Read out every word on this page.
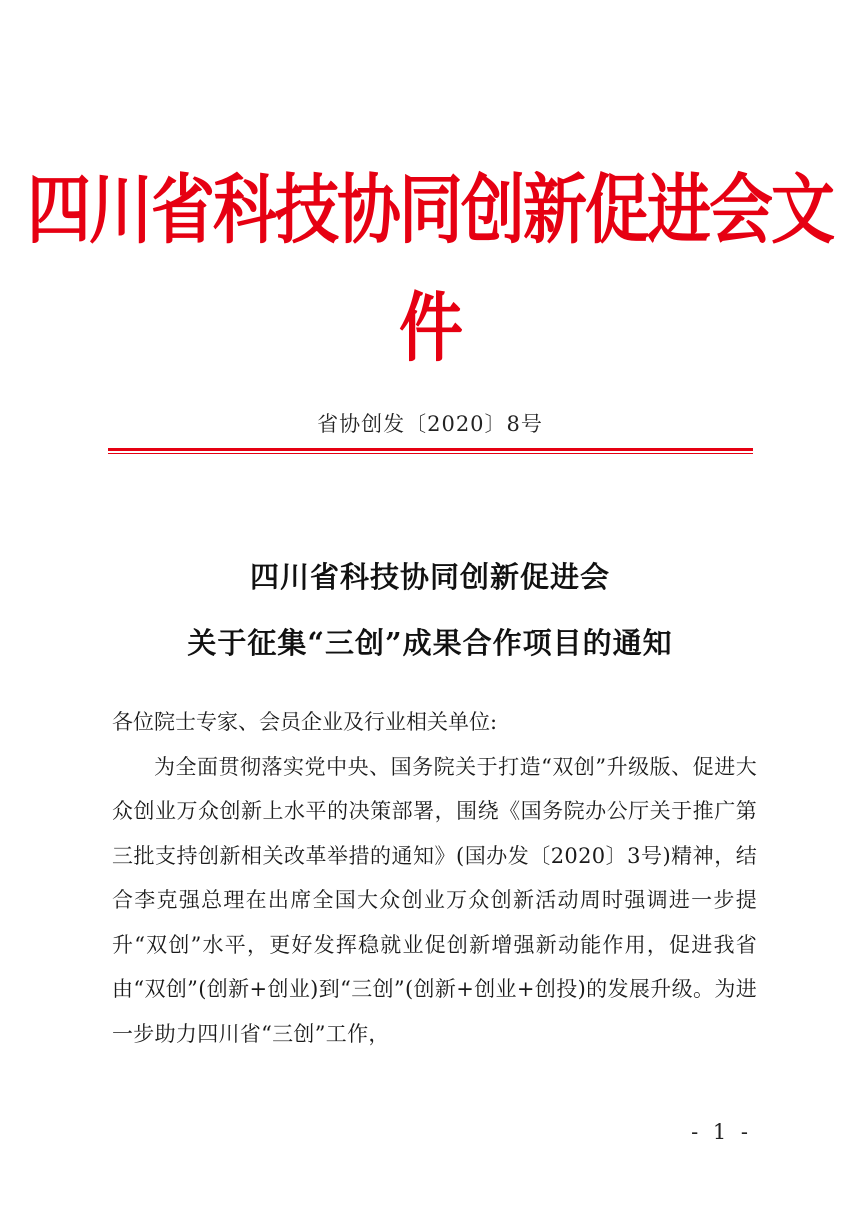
四川省科技协同创新促进会文件
省协创发〔2020〕8号
四川省科技协同创新促进会
关于征集“三创”成果合作项目的通知

各位院士专家、会员企业及行业相关单位:

为全面贯彻落实党中央、国务院关于打造“双创”升级版、促进大众创业万众创新上水平的决策部署，围绕《国务院办公厅关于推广第三批支持创新相关改革举措的通知》(国办发〔2020〕3号)精神，结合李克强总理在出席全国大众创业万众创新活动周时强调进一步提升“双创”水平，更好发挥稳就业促创新增强新动能作用，促进我省由“双创”(创新+创业)到“三创”(创新+创业+创投)的发展升级。为进一步助力四川省“三创”工作，

- 1 -
